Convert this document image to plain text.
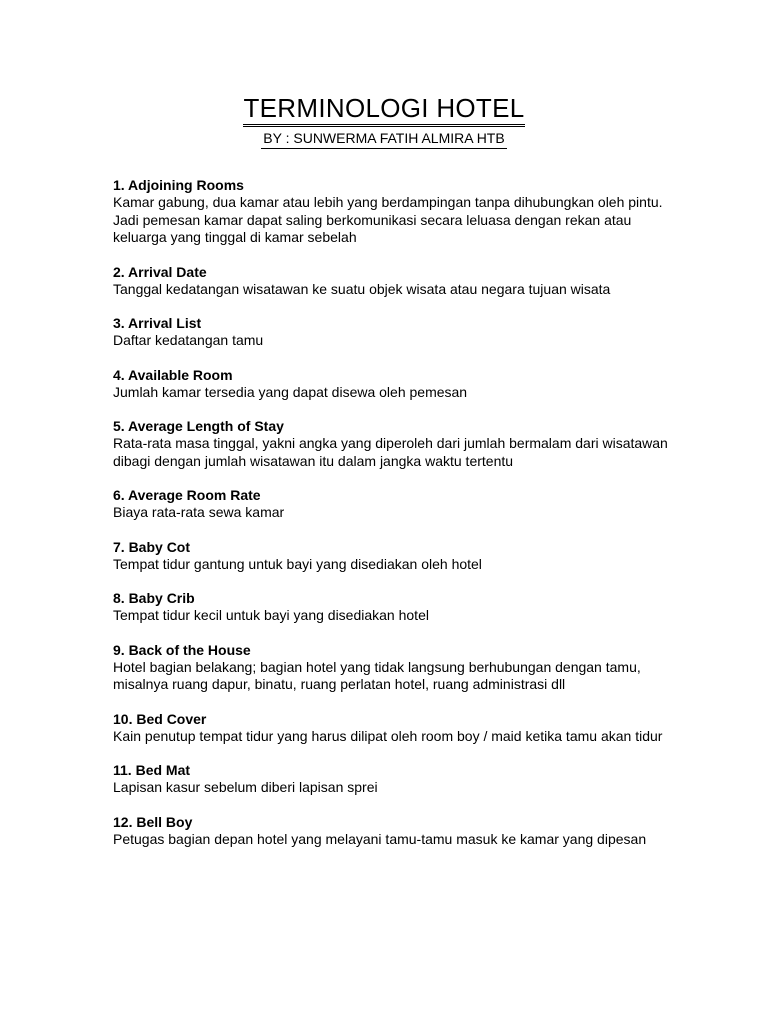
TERMINOLOGI HOTEL
BY : SUNWERMA FATIH ALMIRA HTB

1. Adjoining Rooms

Kamar gabung, dua kamar atau lebih yang berdampingan tanpa dihubungkan oleh pintu. Jadi pemesan kamar dapat saling berkomunikasi secara leluasa dengan rekan atau keluarga yang tinggal di kamar sebelah

2. Arrival Date

Tanggal kedatangan wisatawan ke suatu objek wisata atau negara tujuan wisata

3. Arrival List

Daftar kedatangan tamu

4. Available Room

Jumlah kamar tersedia yang dapat disewa oleh pemesan

5. Average Length of Stay

Rata-rata masa tinggal, yakni angka yang diperoleh dari jumlah bermalam dari wisatawan dibagi dengan jumlah wisatawan itu dalam jangka waktu tertentu

6. Average Room Rate

Biaya rata-rata sewa kamar

7. Baby Cot

Tempat tidur gantung untuk bayi yang disediakan oleh hotel

8. Baby Crib

Tempat tidur kecil untuk bayi yang disediakan hotel

9. Back of the House

Hotel bagian belakang; bagian hotel yang tidak langsung berhubungan dengan tamu, misalnya ruang dapur, binatu, ruang perlatan hotel, ruang administrasi dll

10. Bed Cover

Kain penutup tempat tidur yang harus dilipat oleh room boy / maid ketika tamu akan tidur

11. Bed Mat

Lapisan kasur sebelum diberi lapisan sprei

12. Bell Boy

Petugas bagian depan hotel yang melayani tamu-tamu masuk ke kamar yang dipesan
